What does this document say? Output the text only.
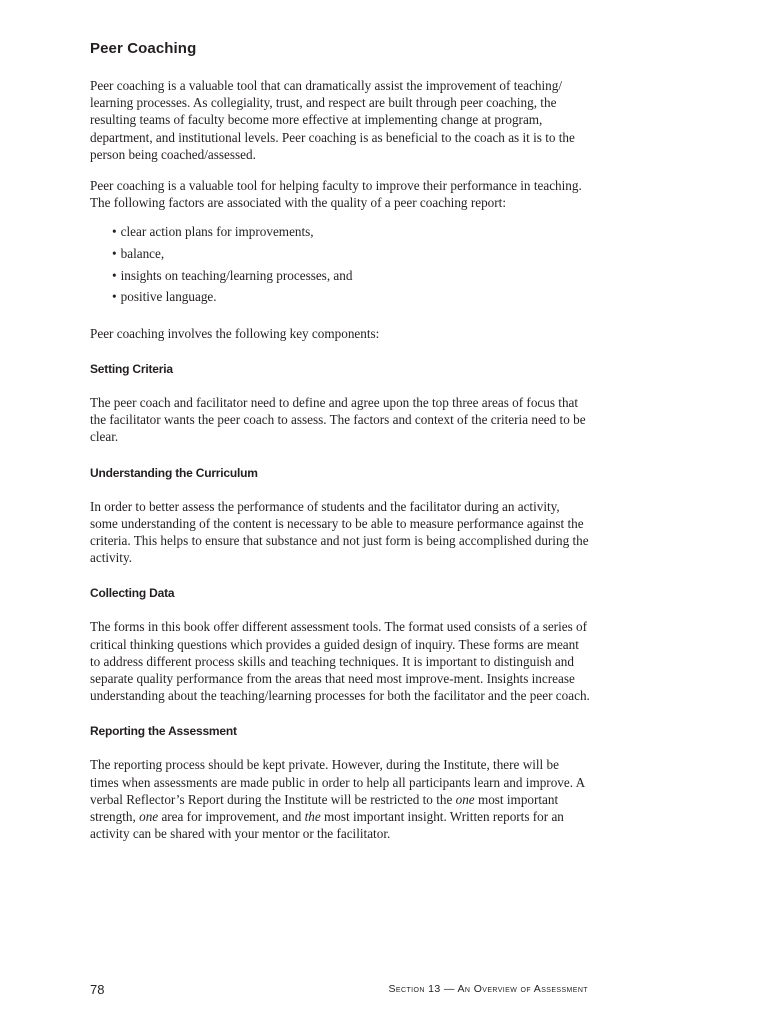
Peer Coaching

Peer coaching is a valuable tool that can dramatically assist the improvement of teaching/ learning processes. As collegiality, trust, and respect are built through peer coaching, the resulting teams of faculty become more effective at implementing change at program, department, and institutional levels. Peer coaching is as beneficial to the coach as it is to the person being coached/assessed.

Peer coaching is a valuable tool for helping faculty to improve their performance in teaching. The following factors are associated with the quality of a peer coaching report:

• clear action plans for improvements,
• balance,
• insights on teaching/learning processes, and
• positive language.

Peer coaching involves the following key components:

Setting Criteria

The peer coach and facilitator need to define and agree upon the top three areas of focus that the facilitator wants the peer coach to assess. The factors and context of the criteria need to be clear.

Understanding the Curriculum

In order to better assess the performance of students and the facilitator during an activity, some understanding of the content is necessary to be able to measure performance against the criteria. This helps to ensure that substance and not just form is being accomplished during the activity.

Collecting Data

The forms in this book offer different assessment tools. The format used consists of a series of critical thinking questions which provides a guided design of inquiry. These forms are meant to address different process skills and teaching techniques. It is important to distinguish and separate quality performance from the areas that need most improve-ment. Insights increase understanding about the teaching/learning processes for both the facilitator and the peer coach.

Reporting the Assessment

The reporting process should be kept private. However, during the Institute, there will be times when assessments are made public in order to help all participants learn and improve. A verbal Reflector’s Report during the Institute will be restricted to the one most important strength, one area for improvement, and the most important insight. Written reports for an activity can be shared with your mentor or the facilitator.

78	Section 13 — An Overview of Assessment
